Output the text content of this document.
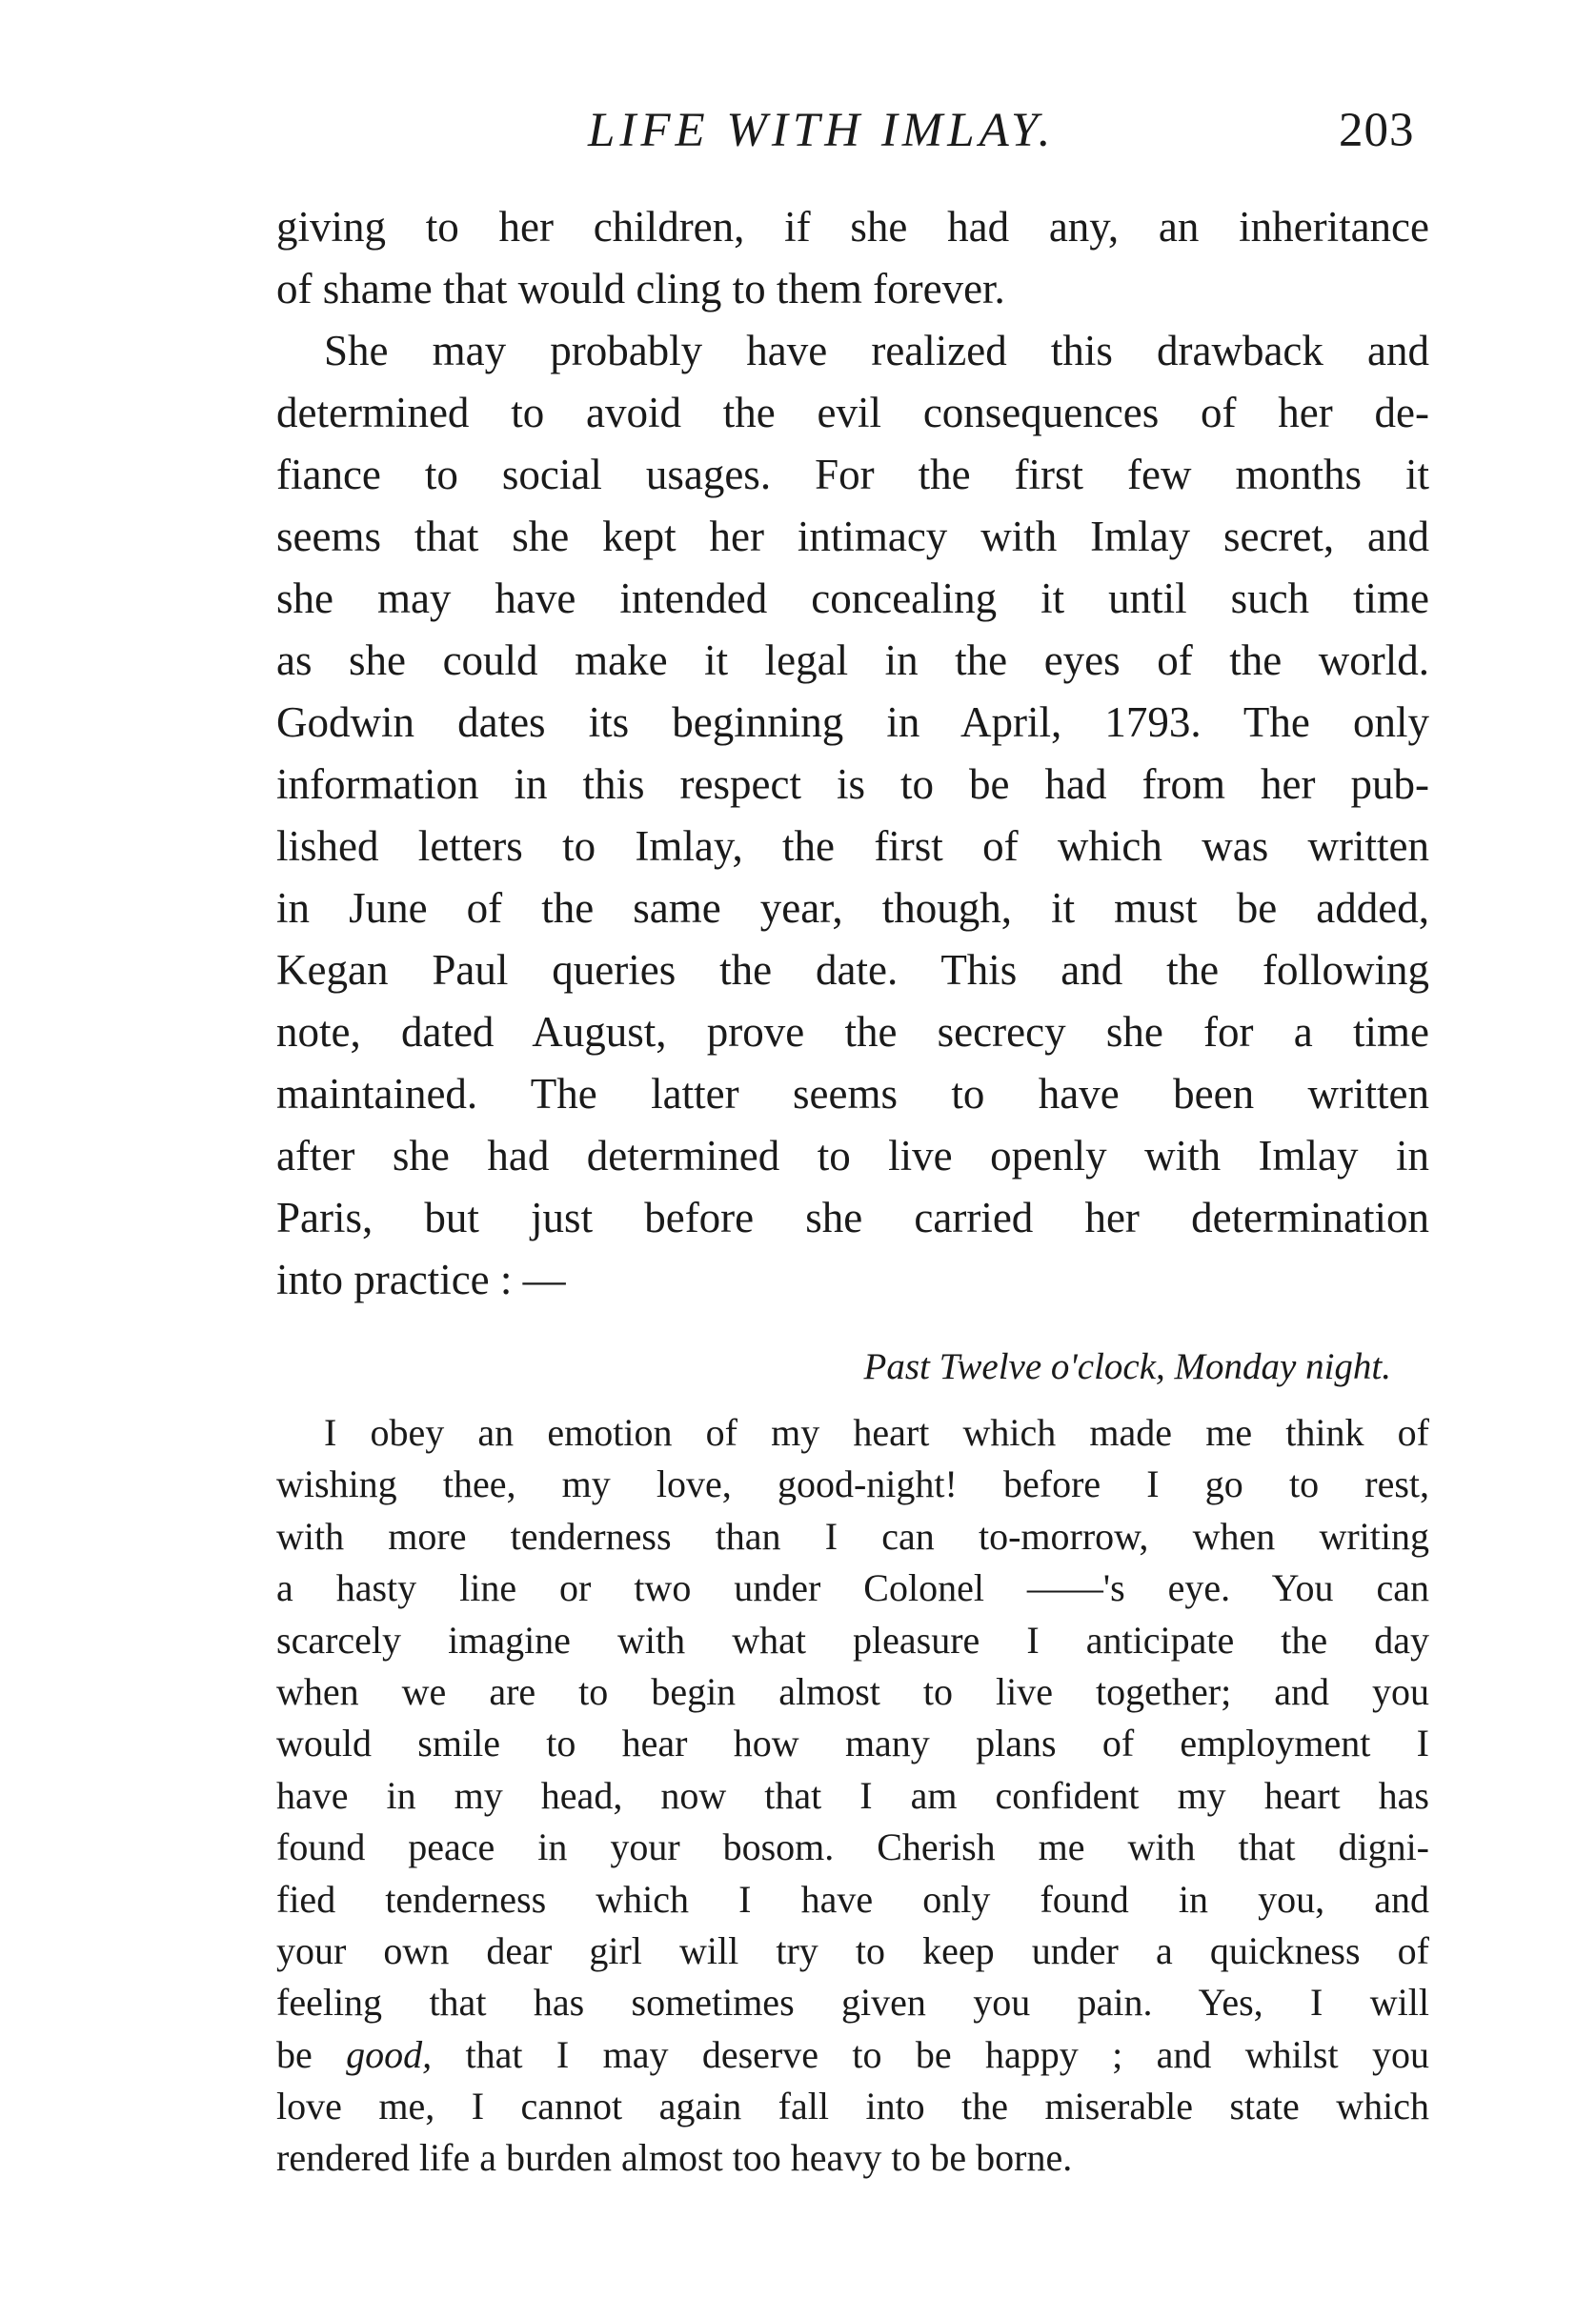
LIFE WITH IMLAY.	203
giving to her children, if she had any, an inheritance
of shame that would cling to them forever.
She may probably have realized this drawback and
determined to avoid the evil consequences of her de-
fiance to social usages. For the first few months it
seems that she kept her intimacy with Imlay secret, and
she may have intended concealing it until such time
as she could make it legal in the eyes of the world.
Godwin dates its beginning in April, 1793. The only
information in this respect is to be had from her pub-
lished letters to Imlay, the first of which was written
in June of the same year, though, it must be added,
Kegan Paul queries the date. This and the following
note, dated August, prove the secrecy she for a time
maintained. The latter seems to have been written
after she had determined to live openly with Imlay in
Paris, but just before she carried her determination
into practice : —
Past Twelve o'clock, Monday night.
I obey an emotion of my heart which made me think of
wishing thee, my love, good-night! before I go to rest,
with more tenderness than I can to-morrow, when writing
a hasty line or two under Colonel ——'s eye. You can
scarcely imagine with what pleasure I anticipate the day
when we are to begin almost to live together; and you
would smile to hear how many plans of employment I
have in my head, now that I am confident my heart has
found peace in your bosom. Cherish me with that digni-
fied tenderness which I have only found in you, and
your own dear girl will try to keep under a quickness of
feeling that has sometimes given you pain. Yes, I will
be good, that I may deserve to be happy ; and whilst you
love me, I cannot again fall into the miserable state which
rendered life a burden almost too heavy to be borne.
